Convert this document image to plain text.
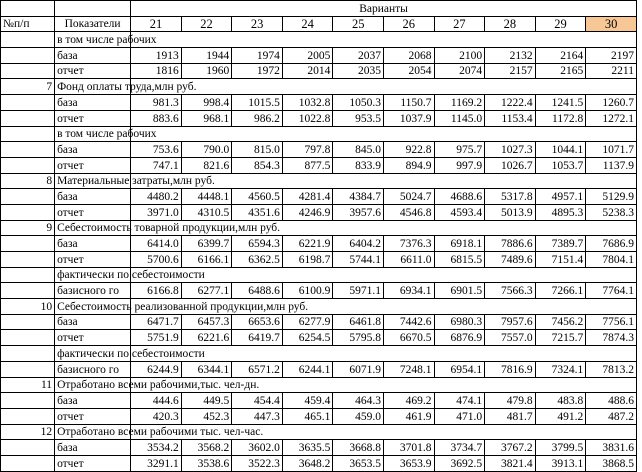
		Варианты									
№п/п	Показатели	21	22	23	24	25	26	27	28	29	30
	в том числе рабочих										
	база	1913	1944	1974	2005	2037	2068	2100	2132	2164	2197
	отчет	1816	1960	1972	2014	2035	2054	2074	2157	2165	2211
7	Фонд оплаты труда,млн руб.										
	база	981.3	998.4	1015.5	1032.8	1050.3	1150.7	1169.2	1222.4	1241.5	1260.7
	отчет	883.6	968.1	986.2	1022.8	953.5	1037.9	1145.0	1153.4	1172.8	1272.1
	в том числе рабочих										
	база	753.6	790.0	815.0	797.8	845.0	922.8	975.7	1027.3	1044.1	1071.7
	отчет	747.1	821.6	854.3	877.5	833.9	894.9	997.9	1026.7	1053.7	1137.9
8	Материальные затраты,млн руб.										
	база	4480.2	4448.1	4560.5	4281.4	4384.7	5024.7	4688.6	5317.8	4957.1	5129.9
	отчет	3971.0	4310.5	4351.6	4246.9	3957.6	4546.8	4593.4	5013.9	4895.3	5238.3
9	Себестоимость товарной продукции,млн руб.										
	база	6414.0	6399.7	6594.3	6221.9	6404.2	7376.3	6918.1	7886.6	7389.7	7686.9
	отчет	5700.6	6166.1	6362.5	6198.7	5744.1	6611.0	6815.5	7489.6	7151.4	7804.1
	фактически по себестоимости										
	базисного го	6166.8	6277.1	6488.6	6100.9	5971.1	6934.1	6901.5	7566.3	7266.1	7764.1
10	Себестоимость реализованной продукции,млн руб.										
	база	6471.7	6457.3	6653.6	6277.9	6461.8	7442.6	6980.3	7957.6	7456.2	7756.1
	отчет	5751.9	6221.6	6419.7	6254.5	5795.8	6670.5	6876.9	7557.0	7215.7	7874.3
	фактически по себестоимости										
	базисного го	6244.9	6344.1	6571.2	6244.1	6071.9	7248.1	6954.1	7816.9	7324.1	7813.2
11	Отработано всеми рабочими,тыс. чел-дн.										
	база	444.6	449.5	454.4	459.4	464.3	469.2	474.1	479.8	483.8	488.6
	отчет	420.3	452.3	447.3	465.1	459.0	461.9	471.0	481.7	491.2	487.2
12	Отработано всеми рабочими тыс. чел-час.										
	база	3534.2	3568.2	3602.0	3635.5	3668.8	3701.8	3734.7	3767.2	3799.5	3831.6
	отчет	3291.1	3538.6	3522.3	3648.2	3653.5	3653.9	3692.5	3821.4	3913.1	3868.5
